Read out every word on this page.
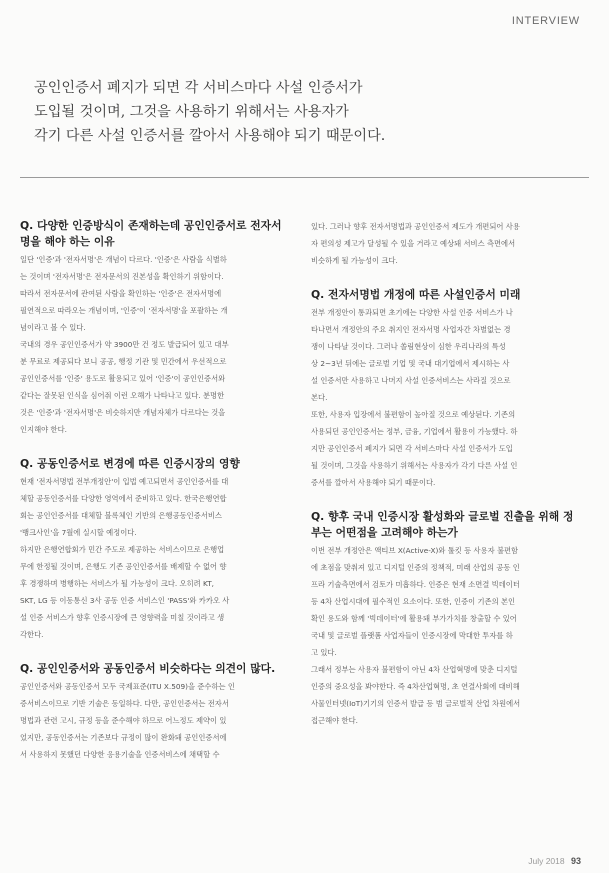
INTERVIEW
공인인증서 폐지가 되면 각 서비스마다 사설 인증서가
도입될 것이며, 그것을 사용하기 위해서는 사용자가
각기 다른 사설 인증서를 깔아서 사용해야 되기 때문이다.
Q. 다양한 인증방식이 존재하는데 공인인증서로 전자서
명을 해야 하는 이유
일단 '인증'과 '전자서명'은 개념이 다르다. '인증'은 사람을 식별하
는 것이며 '전자서명'은 전자문서의 진본성을 확인하기 위함이다.
따라서 전자문서에 관여된 사람을 확인하는 '인증'은 전자서명에
필연적으로 따라오는 개념이며, '인증'이 '전자서명'을 포괄하는 개
념이라고 볼 수 있다.
국내의 경우 공인인증서가 약 3900만 건 정도 발급되어 있고 대부
분 무료로 제공되다 보니 공공, 행정 기관 및 민간에서 우선적으로
공인인증서를 '인증' 용도로 활용되고 있어 '인증'이 공인인증서와
같다는 잘못된 인식을 심어줘 이런 오해가 나타나고 있다. 분명한
것은 '인증'과 '전자서명'은 비슷하지만 개념자체가 다르다는 것을
인지해야 한다.
Q. 공동인증서로 변경에 따른 인증시장의 영향
현재 '전자서명법 전부개정안'이 입법 예고되면서 공인인증서를 대
체할 공동인증서를 다양한 영역에서 준비하고 있다. 한국은행연합
회는 공인인증서를 대체할 블록체인 기반의 은행공동인증서비스
'뱅크사인'을 7월에 실시할 예정이다.
하지만 은행연합회가 민간 주도로 제공하는 서비스이므로 은행업
무에 한정될 것이며, 은행도 기존 공인인증서를 배제할 수 없어 향
후 경쟁하며 병행하는 서비스가 될 가능성이 크다. 오히려 KT,
SKT, LG 등 이동통신 3사 공동 인증 서비스인 'PASS'와 카카오 사
설 인증 서비스가 향후 인증시장에 큰 영향력을 미칠 것이라고 생
각한다.
Q. 공인인증서와 공동인증서 비슷하다는 의견이 많다.
공인인증서와 공동인증서 모두 국제표준(ITU X.509)을 준수하는 인
증서비스이므로 기반 기술은 동일하다. 다만, 공인인증서는 전자서
명법과 관련 고시, 규정 등을 준수해야 하므로 어느정도 제약이 있
었지만, 공동인증서는 기존보다 규정이 많이 완화돼 공인인증서에
서 사용하지 못했던 다양한 응용기술을 인증서비스에 채택할 수
있다. 그러나 향후 전자서명법과 공인인증서 제도가 개편되어 사용
자 편의성 제고가 달성될 수 있을 거라고 예상돼 서비스 측면에서
비슷하게 될 가능성이 크다.
Q. 전자서명법 개정에 따른 사설인증서 미래
전부 개정안이 통과되면 초기에는 다양한 사설 인증 서비스가 나
타나면서 개정안의 주요 취지인 전자서명 사업자간 차별없는 경
쟁이 나타날 것이다. 그러나 쏠림현상이 심한 우리나라의 특성
상 2~3년 뒤에는 글로벌 기업 및 국내 대기업에서 제시하는 사
설 인증서만 사용하고 나머지 사설 인증서비스는 사라질 것으로
본다.
또한, 사용자 입장에서 불편함이 높아질 것으로 예상된다. 기존의
사용되던 공인인증서는 정부, 금융, 기업에서 활용이 가능했다. 하
지만 공인인증서 폐지가 되면 각 서비스마다 사설 인증서가 도입
될 것이며, 그것을 사용하기 위해서는 사용자가 각기 다른 사설 인
증서를 깔아서 사용해야 되기 때문이다.
Q. 향후 국내 인증시장 활성화와 글로벌 진출을 위해 정
부는 어떤점을 고려해야 하는가
이번 전부 개정안은 액티브 X(Active-X)와 툴킷 등 사용자 불편함
에 초점을 맞춰져 있고 디지털 인증의 정책적, 미래 산업의 공동 인
프라 기술측면에서 검토가 미흡하다. 인증은 현재 소면결 빅데이터
등 4차 산업시대에 필수적인 요소이다. 또한, 인증이 기존의 본인
확인 용도와 함께 '빅데이터'에 활용돼 부가가치를 창출할 수 있어
국내 및 글로벌 플랫폼 사업자들이 인증시장에 막대한 투자를 하
고 있다.
그래서 정부는 사용자 불편함이 아닌 4차 산업혁명에 맞춘 디지털
인증의 중요성을 봐야한다. 즉 4차산업혁명, 초 연결사회에 대비해
사물인터넷(IoT)기기의 인증서 발급 등 범 글로벌적 산업 차원에서
접근해야 한다.
July 2018 93
